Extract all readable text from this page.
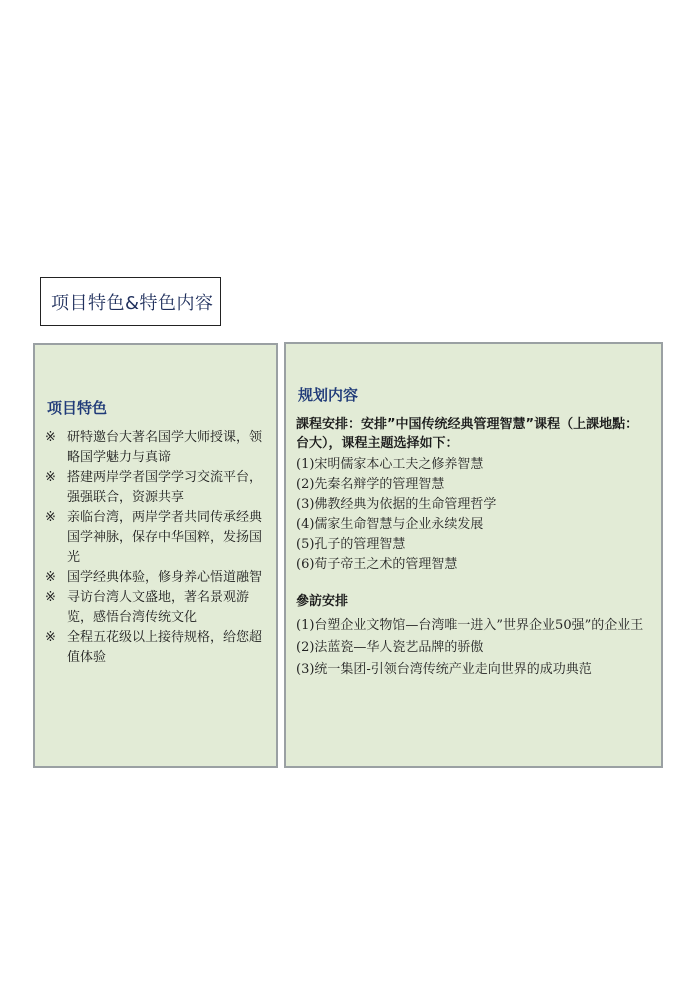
项目特色&特色内容
项目特色
※ 研特邀台大著名国学大师授课，领略国学魅力与真谛
※ 搭建两岸学者国学学习交流平台，强强联合，资源共享
※ 亲临台湾，两岸学者共同传承经典国学神脉，保存中华国粹，发扬国光
※ 国学经典体验，修身养心悟道融智
※ 寻访台湾人文盛地，著名景观游览，感悟台湾传统文化
※ 全程五花级以上接待规格，给您超值体验
规划内容
課程安排：安排”中国传统经典管理智慧”课程（上課地點：台大），课程主题选择如下：
(1)宋明儒家本心工夫之修养智慧
(2)先秦名辩学的管理智慧
(3)佛教经典为依据的生命管理哲学
(4)儒家生命智慧与企业永续发展
(5)孔子的管理智慧
(6)荀子帝王之术的管理智慧
參訪安排
(1)台塑企业文物馆—台湾唯一进入”世界企业50强”的企业王
(2)法蓝瓷—华人瓷艺品牌的骄傲
(3)统一集团-引领台湾传统产业走向世界的成功典范
